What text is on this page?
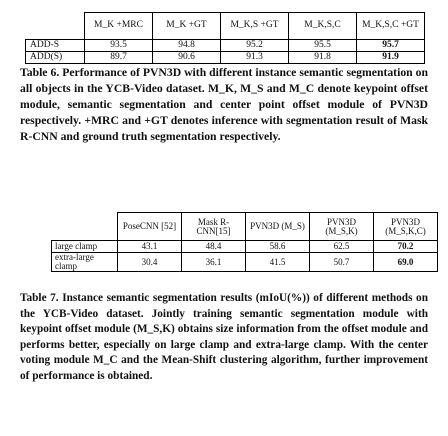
	M_K +MRC	M_K +GT	M_K,S +GT	M_K,S,C	M_K,S,C +GT
ADD-S	93.5	94.8	95.2	95.5	95.7
ADD(S)	89.7	90.6	91.3	91.8	91.9

Table 6. Performance of PVN3D with different instance semantic segmentation on all objects in the YCB-Video dataset. M_K, M_S and M_C denote keypoint offset module, semantic segmentation and center point offset module of PVN3D respectively. +MRC and +GT denotes inference with segmentation result of Mask R-CNN and ground truth segmentation respectively.

	PoseCNN [52]	Mask R-CNN[15]	PVN3D (M_S)	PVN3D (M_S,K)	PVN3D (M_S,K,C)
large clamp	43.1	48.4	58.6	62.5	70.2
extra-large clamp	30.4	36.1	41.5	50.7	69.0

Table 7. Instance semantic segmentation results (mIoU(%)) of different methods on the YCB-Video dataset. Jointly training semantic segmentation module with keypoint offset module (M_S,K) obtains size information from the offset module and performs better, especially on large clamp and extra-large clamp. With the center voting module M_C and the Mean-Shift clustering algorithm, further improvement of performance is obtained.
